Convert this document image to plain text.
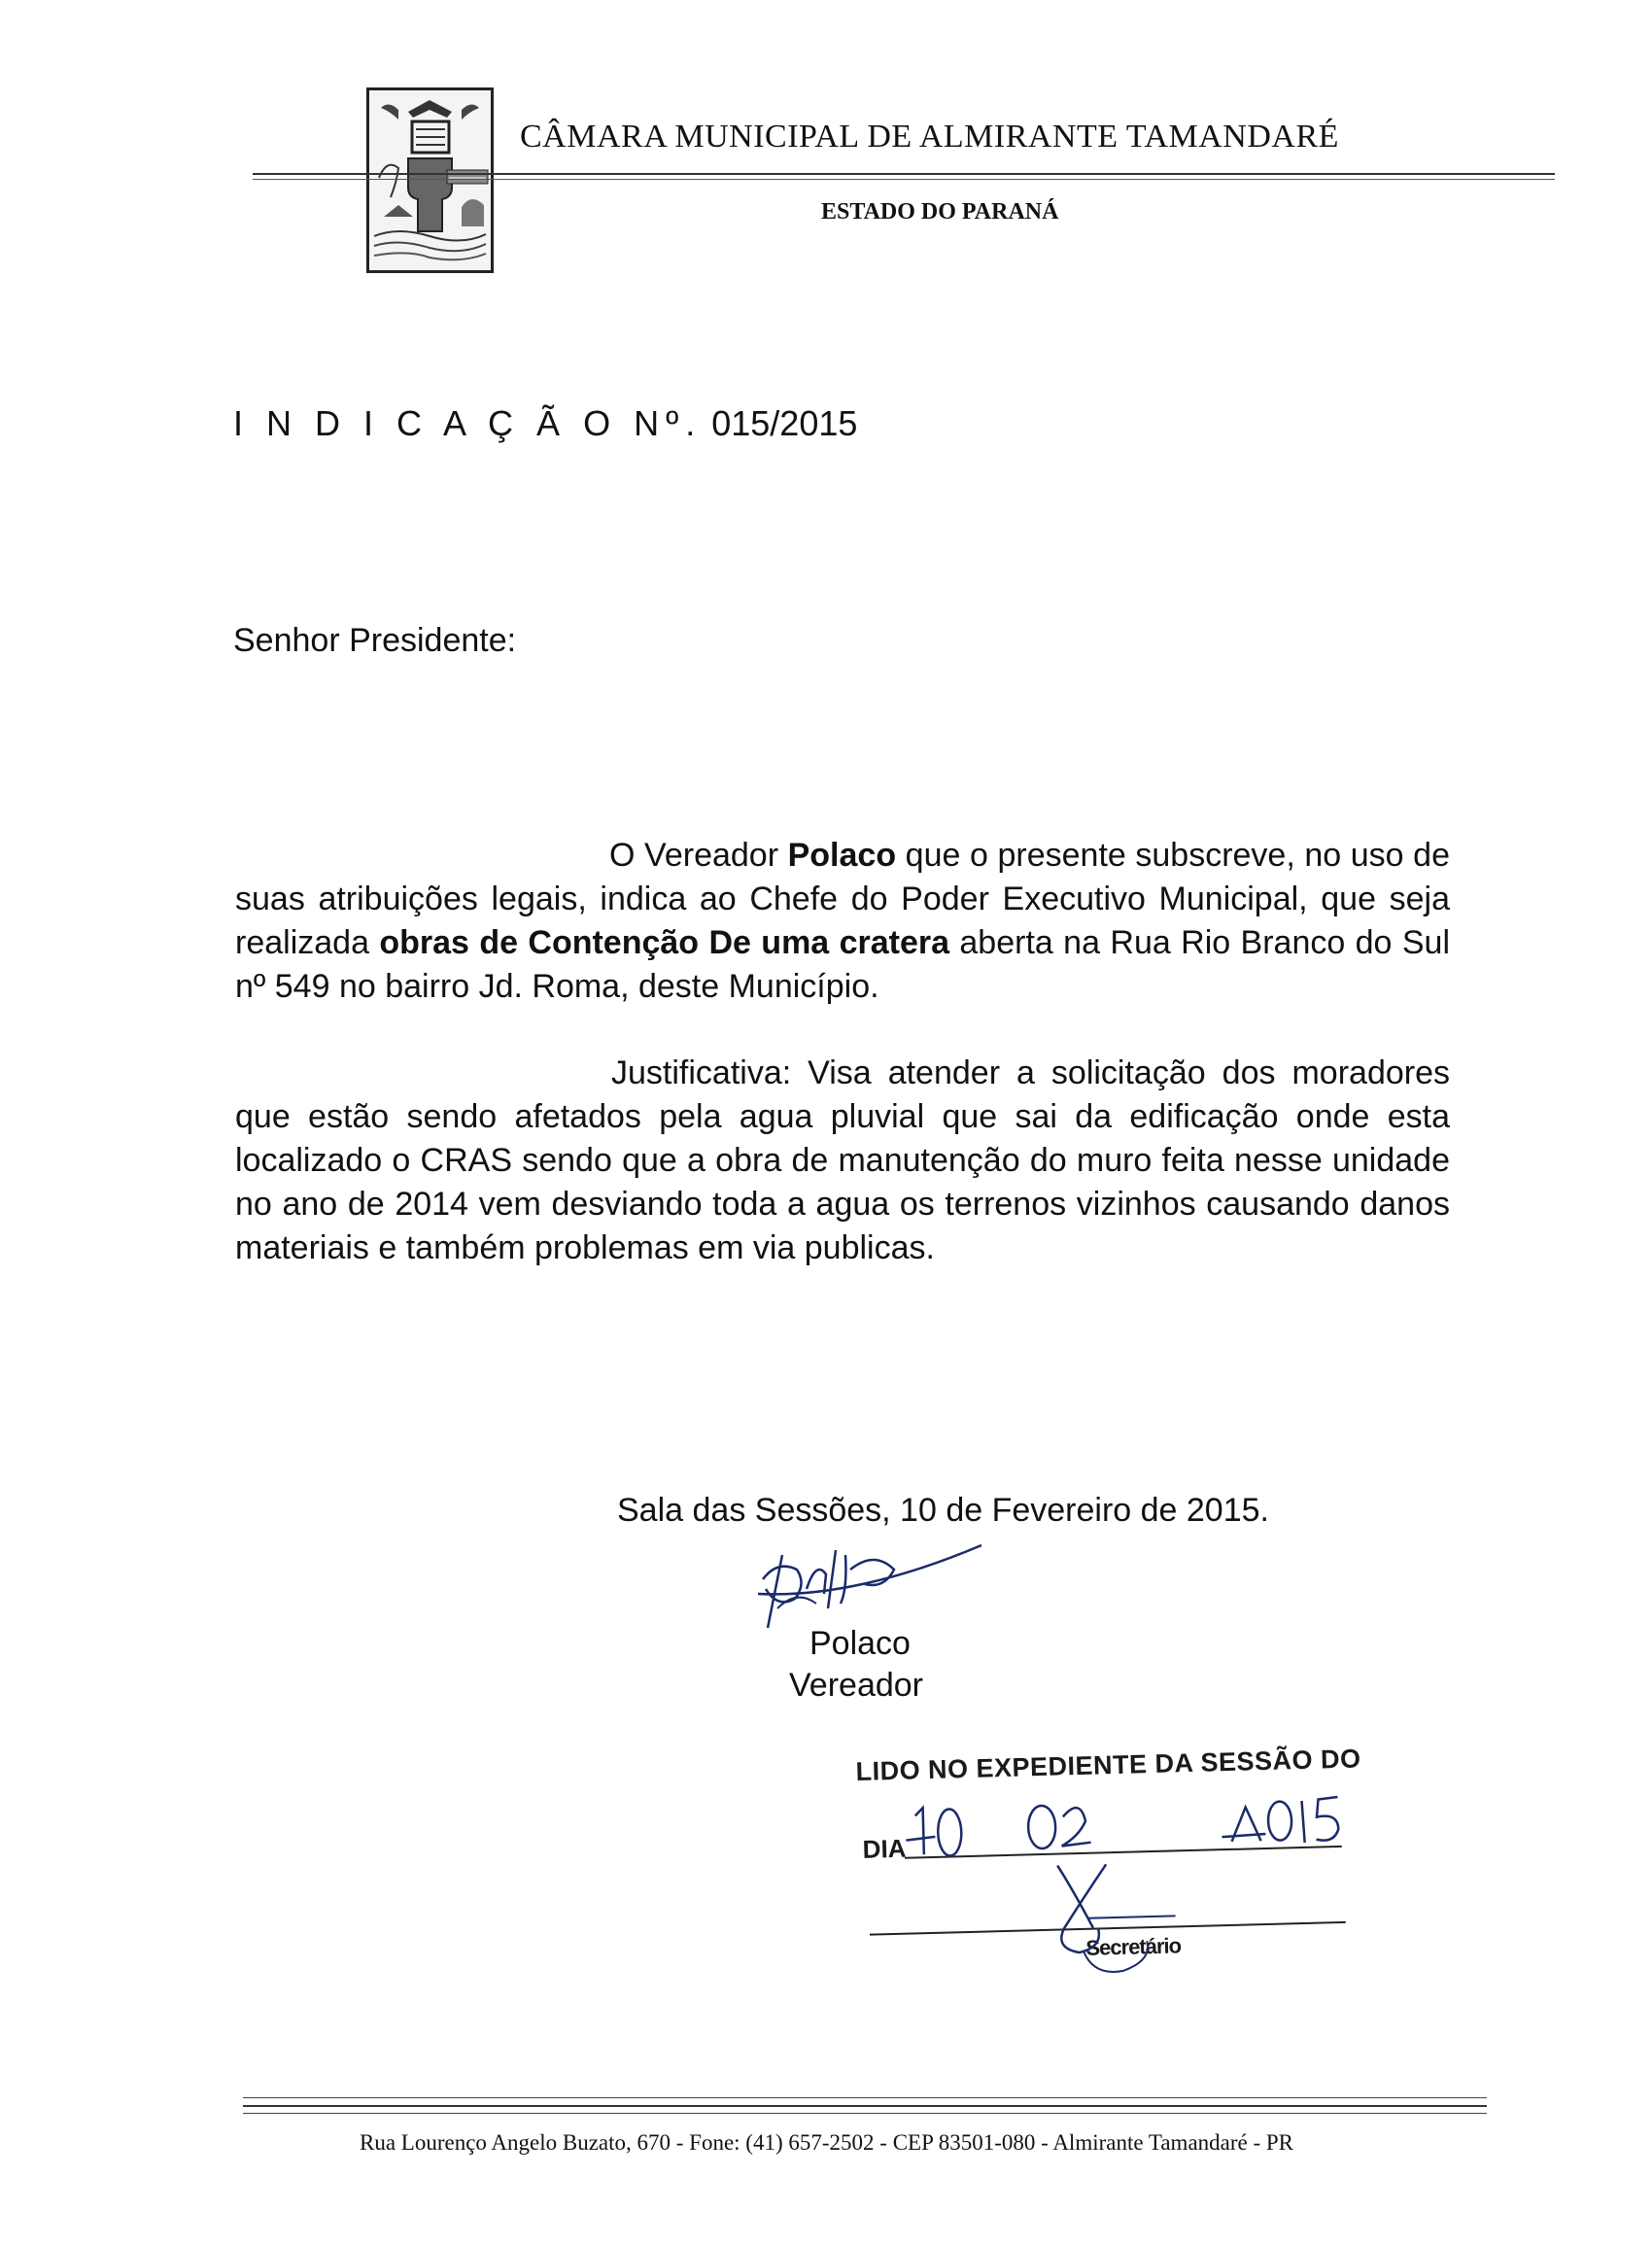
CÂMARA MUNICIPAL DE ALMIRANTE TAMANDARÉ
ESTADO DO PARANÁ
I N D I C A Ç Ã O Nº. 015/2015
Senhor Presidente:
O Vereador Polaco que o presente subscreve, no uso de suas atribuições legais, indica ao Chefe do Poder Executivo Municipal, que seja realizada obras de Contenção De uma cratera aberta na Rua Rio Branco do Sul nº 549 no bairro Jd. Roma, deste Município.
Justificativa: Visa atender a solicitação dos moradores que estão sendo afetados pela agua pluvial que sai da edificação onde esta localizado o CRAS sendo que a obra de manutenção do muro feita nesse unidade no ano de 2014 vem desviando toda a agua os terrenos vizinhos causando danos materiais e também problemas em via publicas.
Sala das Sessões, 10 de Fevereiro de 2015.
Polaco
Vereador
LIDO NO EXPEDIENTE DA SESSÃO DO
DIA
Secretário
Rua Lourenço Angelo Buzato, 670 - Fone: (41) 657-2502 - CEP 83501-080 - Almirante Tamandaré - PR
